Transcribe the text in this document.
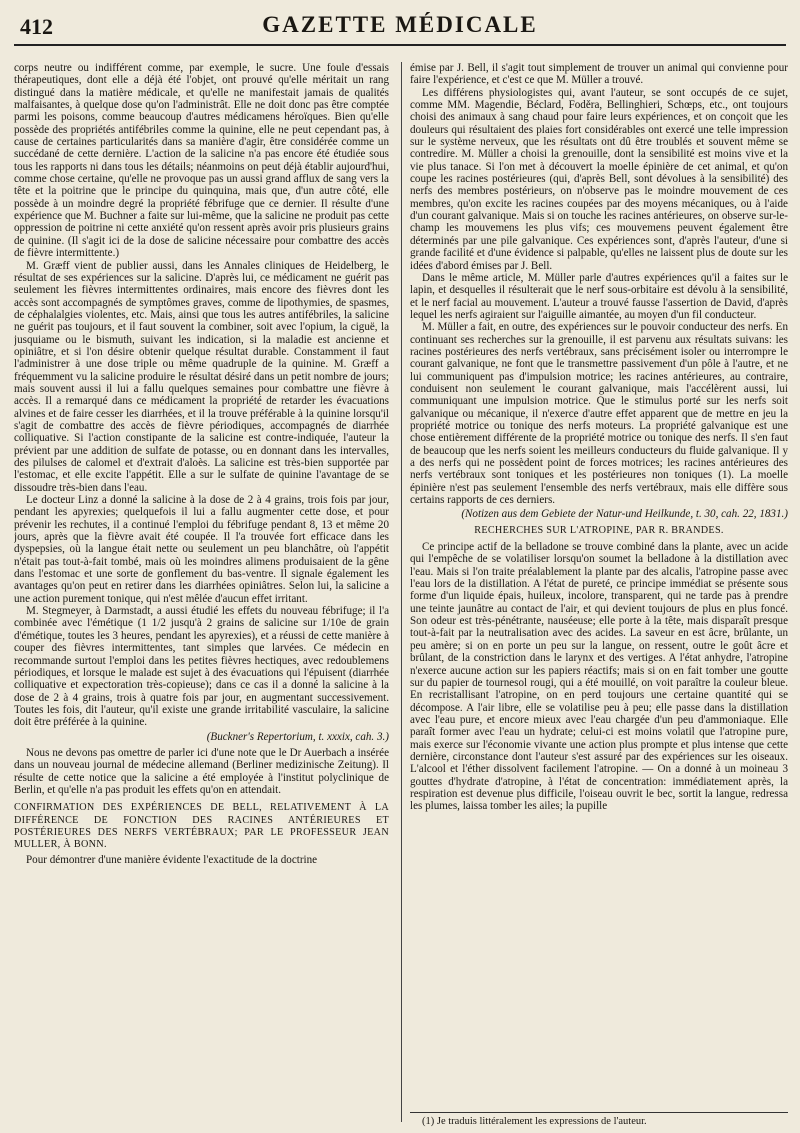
412	GAZETTE MÉDICALE

corps neutre ou indifférent comme, par exemple, le sucre. Une foule d'essais thérapeutiques, dont elle a déjà été l'objet, ont prouvé qu'elle méritait un rang distingué dans la matière médicale, et qu'elle ne manifestait jamais de qualités malfaisantes, à quelque dose qu'on l'administrât. Elle ne doit donc pas être comptée parmi les poisons, comme beaucoup d'autres médicamens héroïques. Bien qu'elle possède des propriétés antifébriles comme la quinine, elle ne peut cependant pas, à cause de certaines particularités dans sa manière d'agir, être considérée comme un succédané de cette dernière. L'action de la salicine n'a pas encore été étudiée sous tous les rapports ni dans tous les détails; néanmoins on peut déjà établir aujourd'hui, comme chose certaine, qu'elle ne provoque pas un aussi grand afflux de sang vers la tête et la poitrine que le principe du quinquina, mais que, d'un autre côté, elle possède à un moindre degré la propriété fébrifuge que ce dernier. Il résulte d'une expérience que M. Buchner a faite sur lui-même, que la salicine ne produit pas cette oppression de poitrine ni cette anxiété qu'on ressent après avoir pris plusieurs grains de quinine. (Il s'agit ici de la dose de salicine nécessaire pour combattre des accès de fièvre intermittente.)

M. Græff vient de publier aussi, dans les Annales cliniques de Heidelberg, le résultat de ses expériences sur la salicine. D'après lui, ce médicament ne guérit pas seulement les fièvres intermittentes ordinaires, mais encore des fièvres dont les accès sont accompagnés de symptômes graves, comme de lipothymies, de spasmes, de céphalalgies violentes, etc. Mais, ainsi que tous les autres antifébriles, la salicine ne guérit pas toujours, et il faut souvent la combiner, soit avec l'opium, la ciguë, la jusquiame ou le bismuth, suivant les indication, si la maladie est ancienne et opiniâtre, et si l'on désire obtenir quelque résultat durable. Constamment il faut l'administrer à une dose triple ou même quadruple de la quinine. M. Græff a fréquemment vu la salicine produire le résultat désiré dans un petit nombre de jours; mais souvent aussi il lui a fallu quelques semaines pour combattre une fièvre à accès. Il a remarqué dans ce médicament la propriété de retarder les évacuations alvines et de faire cesser les diarrhées, et il la trouve préférable à la quinine lorsqu'il s'agit de combattre des accès de fièvre périodiques, accompagnés de diarrhée colliquative. Si l'action constipante de la salicine est contre-indiquée, l'auteur la prévient par une addition de sulfate de potasse, ou en donnant dans les intervalles, des pilulses de calomel et d'extrait d'aloès. La salicine est très-bien supportée par l'estomac, et elle excite l'appétit. Elle a sur le sulfate de quinine l'avantage de se dissoudre très-bien dans l'eau.

Le docteur Linz a donné la salicine à la dose de 2 à 4 grains, trois fois par jour, pendant les apyrexies; quelquefois il lui a fallu augmenter cette dose, et pour prévenir les rechutes, il a continué l'emploi du fébrifuge pendant 8, 13 et même 20 jours, après que la fièvre avait été coupée. Il l'a trouvée fort efficace dans les dyspepsies, où la langue était nette ou seulement un peu blanchâtre, où l'appétit n'était pas tout-à-fait tombé, mais où les moindres alimens produisaient de la gêne dans l'estomac et une sorte de gonflement du bas-ventre. Il signale également les avantages qu'on peut en retirer dans les diarrhées opiniâtres. Selon lui, la salicine a une action purement tonique, qui n'est mêlée d'aucun effet irritant.

M. Stegmeyer, à Darmstadt, a aussi étudié les effets du nouveau fébrifuge; il l'a combinée avec l'émétique (1 1/2 jusqu'à 2 grains de salicine sur 1/10e de grain d'émétique, toutes les 3 heures, pendant les apyrexies), et a réussi de cette manière à couper des fièvres intermittentes, tant simples que larvées. Ce médecin en recommande surtout l'emploi dans les petites fièvres hectiques, avec redoublemens périodiques, et lorsque le malade est sujet à des évacuations qui l'épuisent (diarrhée colliquative et expectoration très-copieuse); dans ce cas il a donné la salicine à la dose de 2 à 4 grains, trois à quatre fois par jour, en augmentant successivement. Toutes les fois, dit l'auteur, qu'il existe une grande irritabilité vasculaire, la salicine doit être préférée à la quinine.

(Buckner's Repertorium, t. xxxix, cah. 3.)

Nous ne devons pas omettre de parler ici d'une note que le Dr Auerbach a insérée dans un nouveau journal de médecine allemand (Berliner medizinische Zeitung). Il résulte de cette notice que la salicine a été employée à l'institut polyclinique de Berlin, et qu'elle n'a pas produit les effets qu'on en attendait.

CONFIRMATION DES EXPÉRIENCES DE BELL, RELATIVEMENT À LA DIFFÉRENCE DE FONCTION DES RACINES ANTÉRIEURES ET POSTÉRIEURES DES NERFS VERTÉBRAUX; PAR LE PROFESSEUR JEAN MULLER, À BONN.

Pour démontrer d'une manière évidente l'exactitude de la doctrine

émise par J. Bell, il s'agit tout simplement de trouver un animal qui convienne pour faire l'expérience, et c'est ce que M. Müller a trouvé.

Les différens physiologistes qui, avant l'auteur, se sont occupés de ce sujet, comme MM. Magendie, Béclard, Foděra, Bellinghieri, Schœps, etc., ont toujours choisi des animaux à sang chaud pour faire leurs expériences, et on conçoit que les douleurs qui résultaient des plaies fort considérables ont exercé une telle impression sur le système nerveux, que les résultats ont dû être troublés et souvent même se contredire. M. Müller a choisi la grenouille, dont la sensibilité est moins vive et la vie plus tanace. Si l'on met à découvert la moelle épinière de cet animal, et qu'on coupe les racines postérieures (qui, d'après Bell, sont dévolues à la sensibilité) des nerfs des membres postérieurs, on n'observe pas le moindre mouvement de ces membres, qu'on excite les racines coupées par des moyens mécaniques, ou à l'aide d'un courant galvanique. Mais si on touche les racines antérieures, on observe sur-le-champ les mouvemens les plus vifs; ces mouvemens peuvent également être déterminés par une pile galvanique. Ces expériences sont, d'après l'auteur, d'une si grande facilité et d'une évidence si palpable, qu'elles ne laissent plus de doute sur les idées d'abord émises par J. Bell.

Dans le même article, M. Müller parle d'autres expériences qu'il a faites sur le lapin, et desquelles il résulterait que le nerf sous-orbitaire est dévolu à la sensibilité, et le nerf facial au mouvement. L'auteur a trouvé fausse l'assertion de David, d'après lequel les nerfs agiraient sur l'aiguille aimantée, au moyen d'un fil conducteur.

M. Müller a fait, en outre, des expériences sur le pouvoir conducteur des nerfs. En continuant ses recherches sur la grenouille, il est parvenu aux résultats suivans: les racines postérieures des nerfs vertébraux, sans précisément isoler ou interrompre le courant galvanique, ne font que le transmettre passivement d'un pôle à l'autre, et ne lui communiquent pas d'impulsion motrice; les racines antérieures, au contraire, conduisent non seulement le courant galvanique, mais l'accélèrent aussi, lui communiquant une impulsion motrice. Que le stimulus porté sur les nerfs soit galvanique ou mécanique, il n'exerce d'autre effet apparent que de mettre en jeu la propriété motrice ou tonique des nerfs moteurs. La propriété galvanique est une chose entièrement différente de la propriété motrice ou tonique des nerfs. Il s'en faut de beaucoup que les nerfs soient les meilleurs conducteurs du fluide galvanique. Il y a des nerfs qui ne possèdent point de forces motrices; les racines antérieures des nerfs vertébraux sont toniques et les postérieures non toniques (1). La moelle épinière n'est pas seulement l'ensemble des nerfs vertébraux, mais elle diffère sous certains rapports de ces derniers.

(Notizen aus dem Gebiete der Natur-und Heilkunde, t. 30, cah. 22, 1831.)

RECHERCHES SUR L'ATROPINE, PAR R. BRANDES.

Ce principe actif de la belladone se trouve combiné dans la plante, avec un acide qui l'empêche de se volatiliser lorsqu'on soumet la belladone à la distillation avec l'eau. Mais si l'on traite préalablement la plante par des alcalis, l'atropine passe avec l'eau lors de la distillation. A l'état de pureté, ce principe immédiat se présente sous forme d'un liquide épais, huileux, incolore, transparent, qui ne tarde pas à prendre une teinte jaunâtre au contact de l'air, et qui devient toujours de plus en plus foncé. Son odeur est très-pénétrante, nauséeuse; elle porte à la tête, mais disparaît presque tout-à-fait par la neutralisation avec des acides. La saveur en est âcre, brûlante, un peu amère; si on en porte un peu sur la langue, on ressent, outre le goût âcre et brûlant, de la constriction dans le larynx et des vertiges. A l'état anhydre, l'atropine n'exerce aucune action sur les papiers réactifs; mais si on en fait tomber une goutte sur du papier de tournesol rougi, qui a été mouillé, on voit paraître la couleur bleue. En recristallisant l'atropine, on en perd toujours une certaine quantité qui se décompose. A l'air libre, elle se volatilise peu à peu; elle passe dans la distillation avec l'eau pure, et encore mieux avec l'eau chargée d'un peu d'ammoniaque. Elle paraît former avec l'eau un hydrate; celui-ci est moins volatil que l'atropine pure, mais exerce sur l'économie vivante une action plus prompte et plus intense que cette dernière, circonstance dont l'auteur s'est assuré par des expériences sur les oiseaux. L'alcool et l'éther dissolvent facilement l'atropine. — On a donné à un moineau 3 gouttes d'hydrate d'atropine, à l'état de concentration: immédiatement après, la respiration est devenue plus difficile, l'oiseau ouvrit le bec, sortit la langue, redressa les plumes, laissa tomber les ailes; la pupille

(1) Je traduis littéralement les expressions de l'auteur.
